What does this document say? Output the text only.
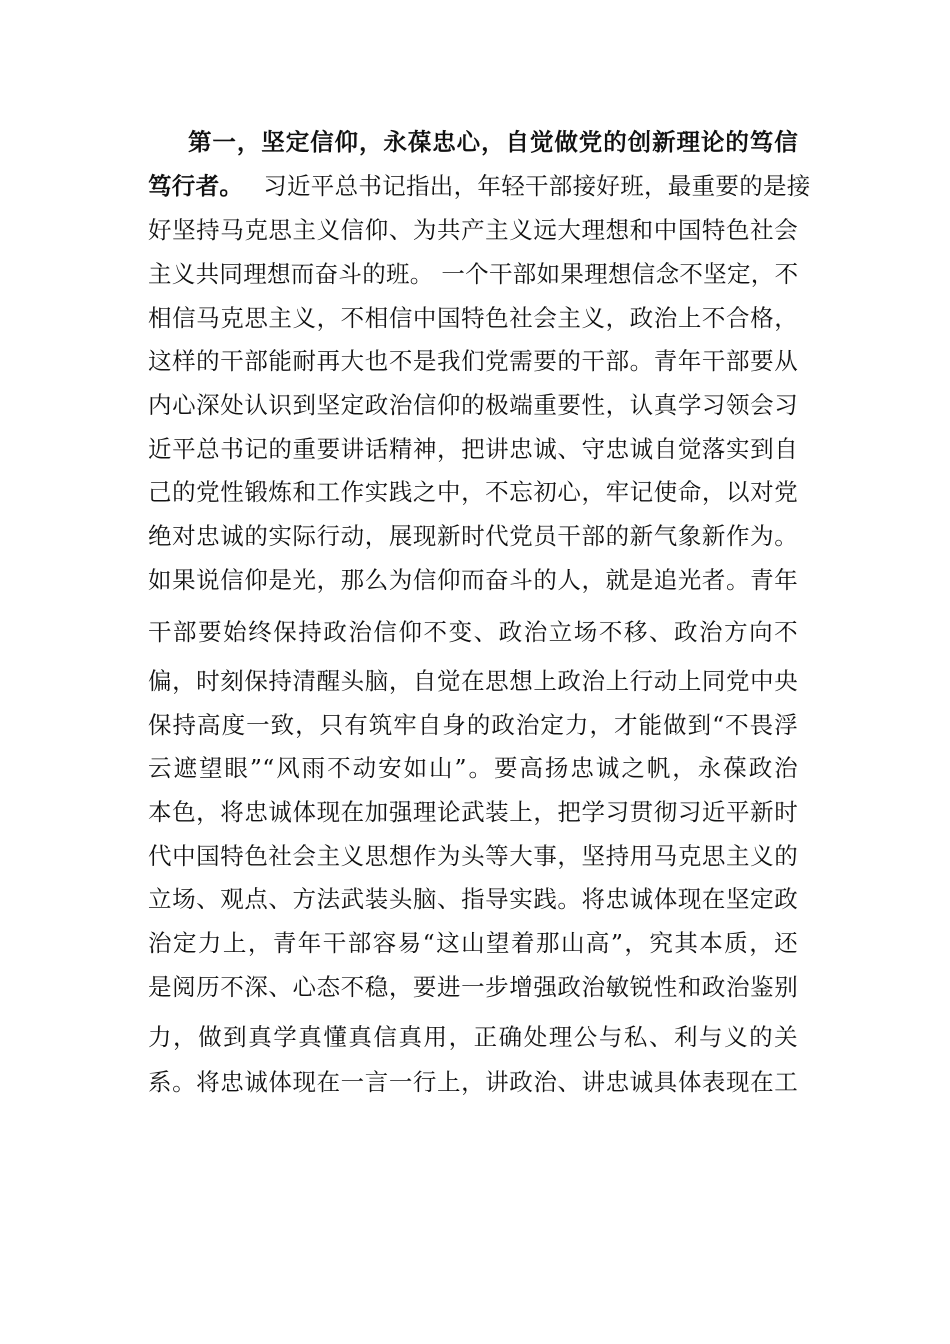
第一，坚定信仰，永葆忠心，自觉做党的创新理论的笃信
笃行者。 习近平总书记指出，年轻干部接好班，最重要的是接
好坚持马克思主义信仰、为共产主义远大理想和中国特色社会
主义共同理想而奋斗的班。 一个干部如果理想信念不坚定，不
相信马克思主义，不相信中国特色社会主义，政治上不合格，
这样的干部能耐再大也不是我们党需要的干部。青年干部要从
内心深处认识到坚定政治信仰的极端重要性，认真学习领会习
近平总书记的重要讲话精神，把讲忠诚、守忠诚自觉落实到自
己的党性锻炼和工作实践之中，不忘初心，牢记使命，以对党
绝对忠诚的实际行动，展现新时代党员干部的新气象新作为。
如果说信仰是光，那么为信仰而奋斗的人，就是追光者。青年
干部要始终保持政治信仰不变、政治立场不移、政治方向不
偏，时刻保持清醒头脑，自觉在思想上政治上行动上同党中央
保持高度一致，只有筑牢自身的政治定力，才能做到“不畏浮
云遮望眼”“风雨不动安如山”。要高扬忠诚之帆，永葆政治
本色，将忠诚体现在加强理论武装上，把学习贯彻习近平新时
代中国特色社会主义思想作为头等大事，坚持用马克思主义的
立场、观点、方法武装头脑、指导实践。将忠诚体现在坚定政
治定力上，青年干部容易“这山望着那山高”，究其本质，还
是阅历不深、心态不稳，要进一步增强政治敏锐性和政治鉴别
力，做到真学真懂真信真用，正确处理公与私、利与义的关
系。将忠诚体现在一言一行上，讲政治、讲忠诚具体表现在工
